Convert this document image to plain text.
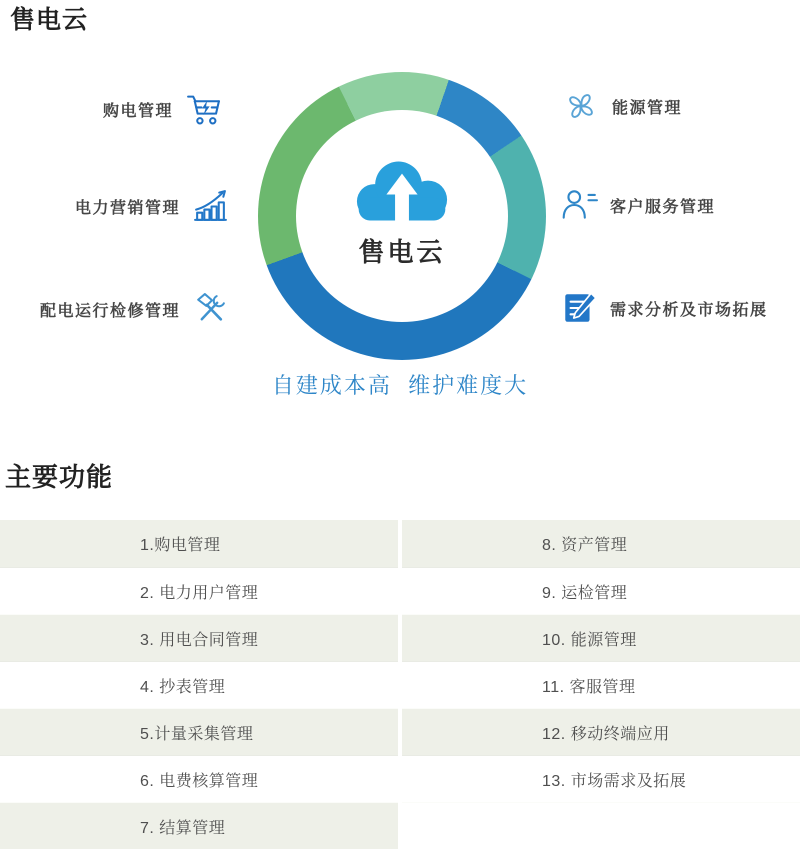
售电云
售电云
购电管理
电力营销管理
配电运行检修管理
能源管理
客户服务管理
需求分析及市场拓展
自建成本高  维护难度大
主要功能
1.购电管理	8. 资产管理
2. 电力用户管理	9. 运检管理
3. 用电合同管理	10. 能源管理
4. 抄表管理	11. 客服管理
5.计量采集管理	12. 移动终端应用
6. 电费核算管理	13. 市场需求及拓展
7. 结算管理
